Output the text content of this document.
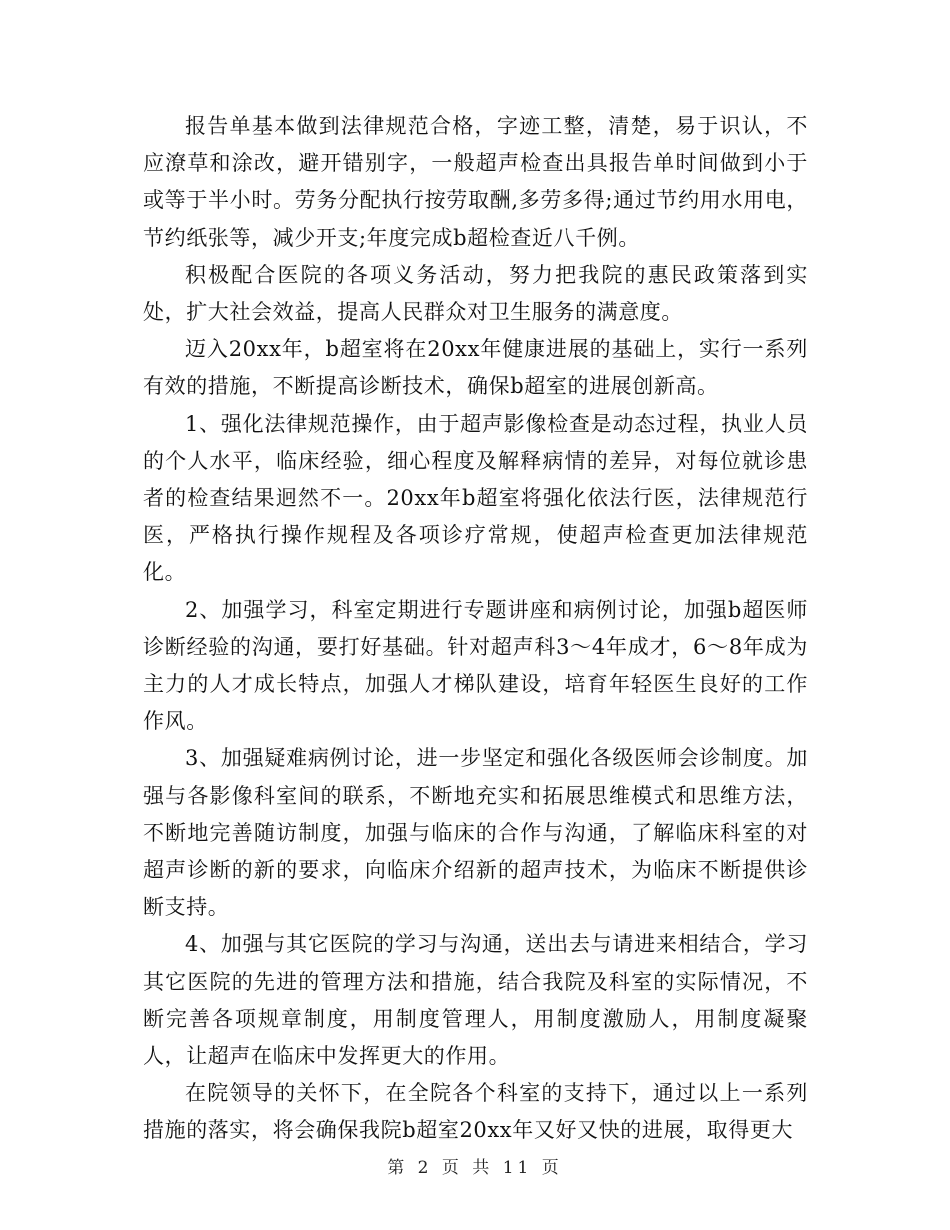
报告单基本做到法律规范合格，字迹工整，清楚，易于识认，不应潦草和涂改，避开错别字，一般超声检查出具报告单时间做到小于或等于半小时。劳务分配执行按劳取酬,多劳多得;通过节约用水用电，节约纸张等，减少开支;年度完成b超检查近八千例。

积极配合医院的各项义务活动，努力把我院的惠民政策落到实处，扩大社会效益，提高人民群众对卫生服务的满意度。

迈入20xx年，b超室将在20xx年健康进展的基础上，实行一系列有效的措施，不断提高诊断技术，确保b超室的进展创新高。

1、强化法律规范操作，由于超声影像检查是动态过程，执业人员的个人水平，临床经验，细心程度及解释病情的差异，对每位就诊患者的检查结果迥然不一。20xx年b超室将强化依法行医，法律规范行医，严格执行操作规程及各项诊疗常规，使超声检查更加法律规范化。

2、加强学习，科室定期进行专题讲座和病例讨论，加强b超医师诊断经验的沟通，要打好基础。针对超声科3～4年成才，6～8年成为主力的人才成长特点，加强人才梯队建设，培育年轻医生良好的工作作风。

3、加强疑难病例讨论，进一步坚定和强化各级医师会诊制度。加强与各影像科室间的联系，不断地充实和拓展思维模式和思维方法，不断地完善随访制度，加强与临床的合作与沟通，了解临床科室的对超声诊断的新的要求，向临床介绍新的超声技术，为临床不断提供诊断支持。

4、加强与其它医院的学习与沟通，送出去与请进来相结合，学习其它医院的先进的管理方法和措施，结合我院及科室的实际情况，不断完善各项规章制度，用制度管理人，用制度激励人，用制度凝聚人，让超声在临床中发挥更大的作用。

在院领导的关怀下，在全院各个科室的支持下，通过以上一系列措施的落实，将会确保我院b超室20xx年又好又快的进展，取得更大

第 2 页 共 11 页
